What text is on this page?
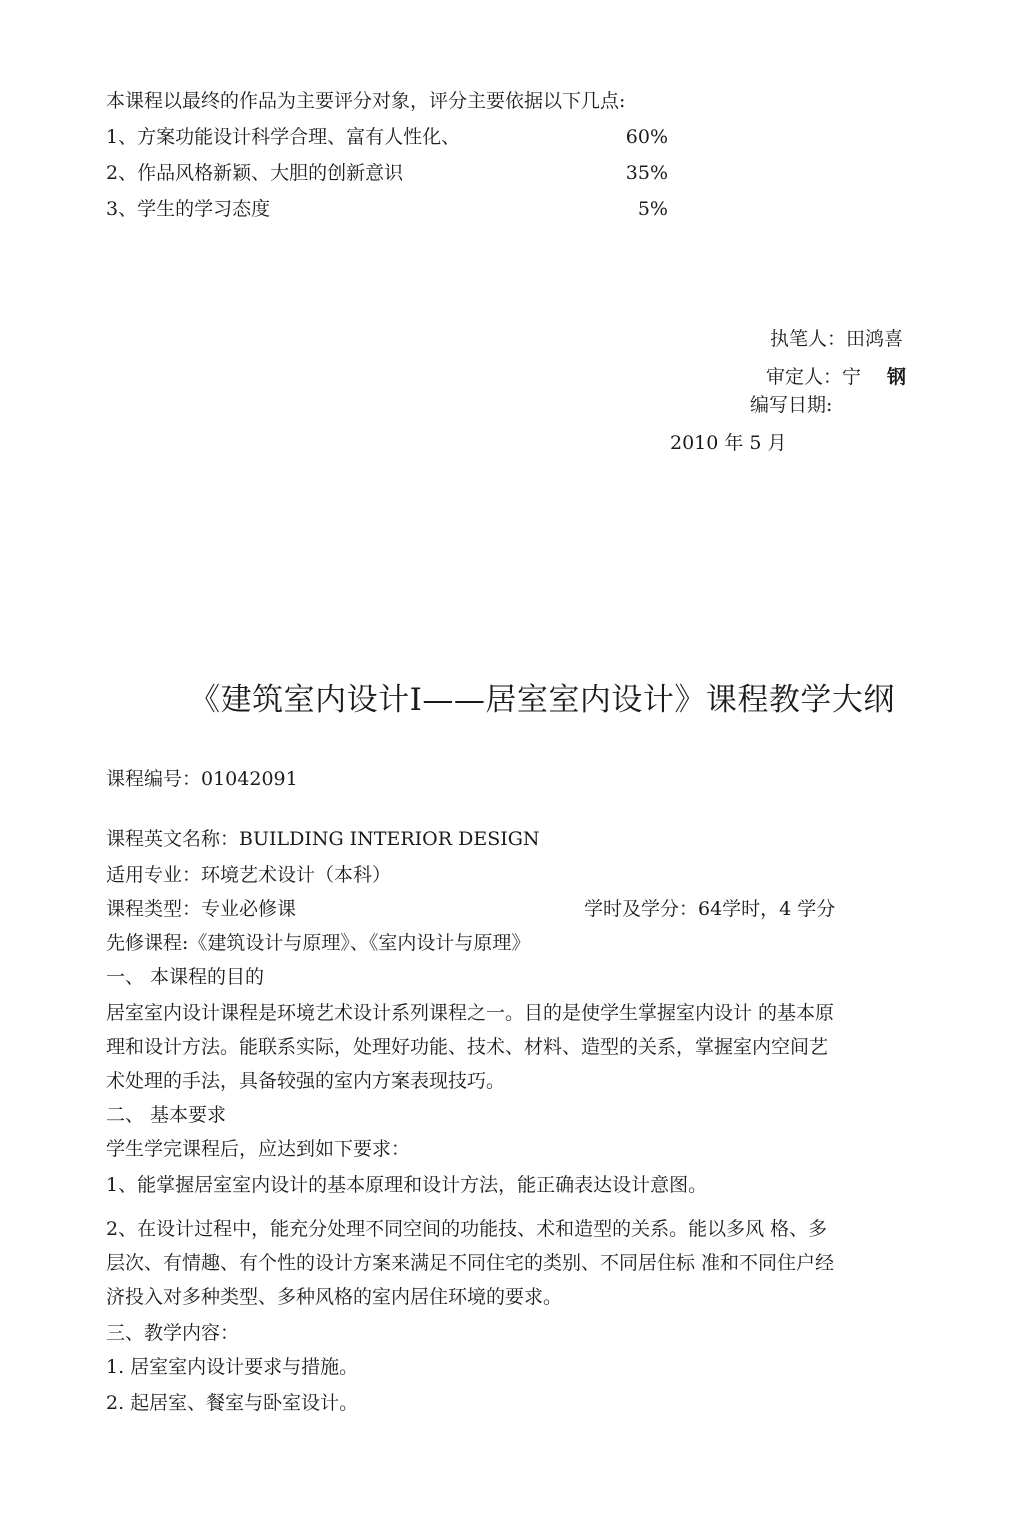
本课程以最终的作品为主要评分对象，评分主要依据以下几点:
1、方案功能设计科学合理、富有人性化、	60%
2、作品风格新颖、大胆的创新意识	35%
3、学生的学习态度	5%
执笔人：田鸿喜
审定人：宁 钢
编写日期:
2010 年 5 月
《建筑室内设计Ⅰ——居室室内设计》课程教学大纲
课程编号：01042091
课程英文名称：BUILDING INTERIOR DESIGN
适用专业：环境艺术设计（本科）
课程类型：专业必修课	学时及学分：64学时，4 学分
先修课程:《建筑设计与原理》、《室内设计与原理》
一、 本课程的目的
居室室内设计课程是环境艺术设计系列课程之一。目的是使学生掌握室内设计 的基本原
理和设计方法。能联系实际，处理好功能、技术、材料、造型的关系，掌握室内空间艺
术处理的手法，具备较强的室内方案表现技巧。
二、 基本要求
学生学完课程后，应达到如下要求：
1、能掌握居室室内设计的基本原理和设计方法，能正确表达设计意图。
2、在设计过程中，能充分处理不同空间的功能技、术和造型的关系。能以多风 格、多
层次、有情趣、有个性的设计方案来满足不同住宅的类别、不同居住标 准和不同住户经
济投入对多种类型、多种风格的室内居住环境的要求。
三、教学内容：
1. 居室室内设计要求与措施。
2. 起居室、餐室与卧室设计。
